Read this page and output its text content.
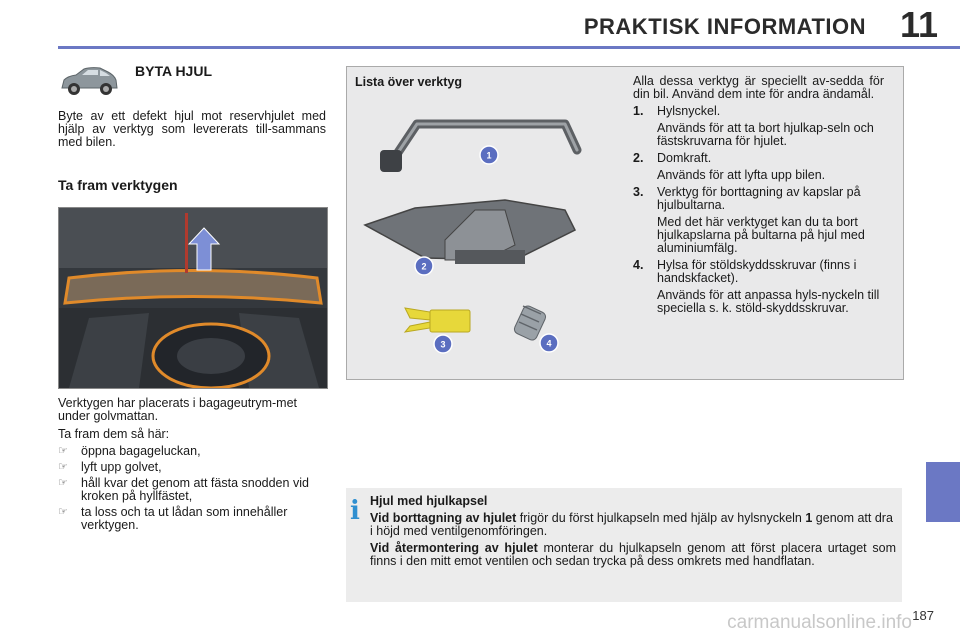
PRAKTISK INFORMATION 11
BYTA HJUL
Byte av ett defekt hjul mot reservhjulet med hjälp av verktyg som levererats till-sammans med bilen.
Ta fram verktygen
Verktygen har placerats i bagageutrym-met under golvmattan.
Ta fram dem så här:
☞ öppna bagageluckan,
☞ lyft upp golvet,
☞ håll kvar det genom att fästa snodden vid kroken på hyllfästet,
☞ ta loss och ta ut lådan som innehåller verktygen.
Lista över verktyg
1
2
3	4
Alla dessa verktyg är speciellt av-sedda för din bil. Använd dem inte för andra ändamål.
1.	Hylsnyckel.
Används för att ta bort hjulkap-seln och fästskruvarna för hjulet.
2.	Domkraft.
Används för att lyfta upp bilen.
3.	Verktyg för borttagning av kapslar på hjulbultarna.
Med det här verktyget kan du ta bort hjulkapslarna på bultarna på hjul med aluminiumfälg.
4.	Hylsa för stöldskyddsskruvar (finns i handskfacket).
Används för att anpassa hyls-nyckeln till speciella s. k. stöld-skyddsskruvar.
i Hjul med hjulkapsel
Vid borttagning av hjulet frigör du först hjulkapseln med hjälp av hylsnyckeln 1 genom att dra i höjd med ventilgenomföringen.
Vid återmontering av hjulet monterar du hjulkapseln genom att först placera urtaget som finns i den mitt emot ventilen och sedan trycka på dess omkrets med handflatan.
carmanualsonline.info 187
